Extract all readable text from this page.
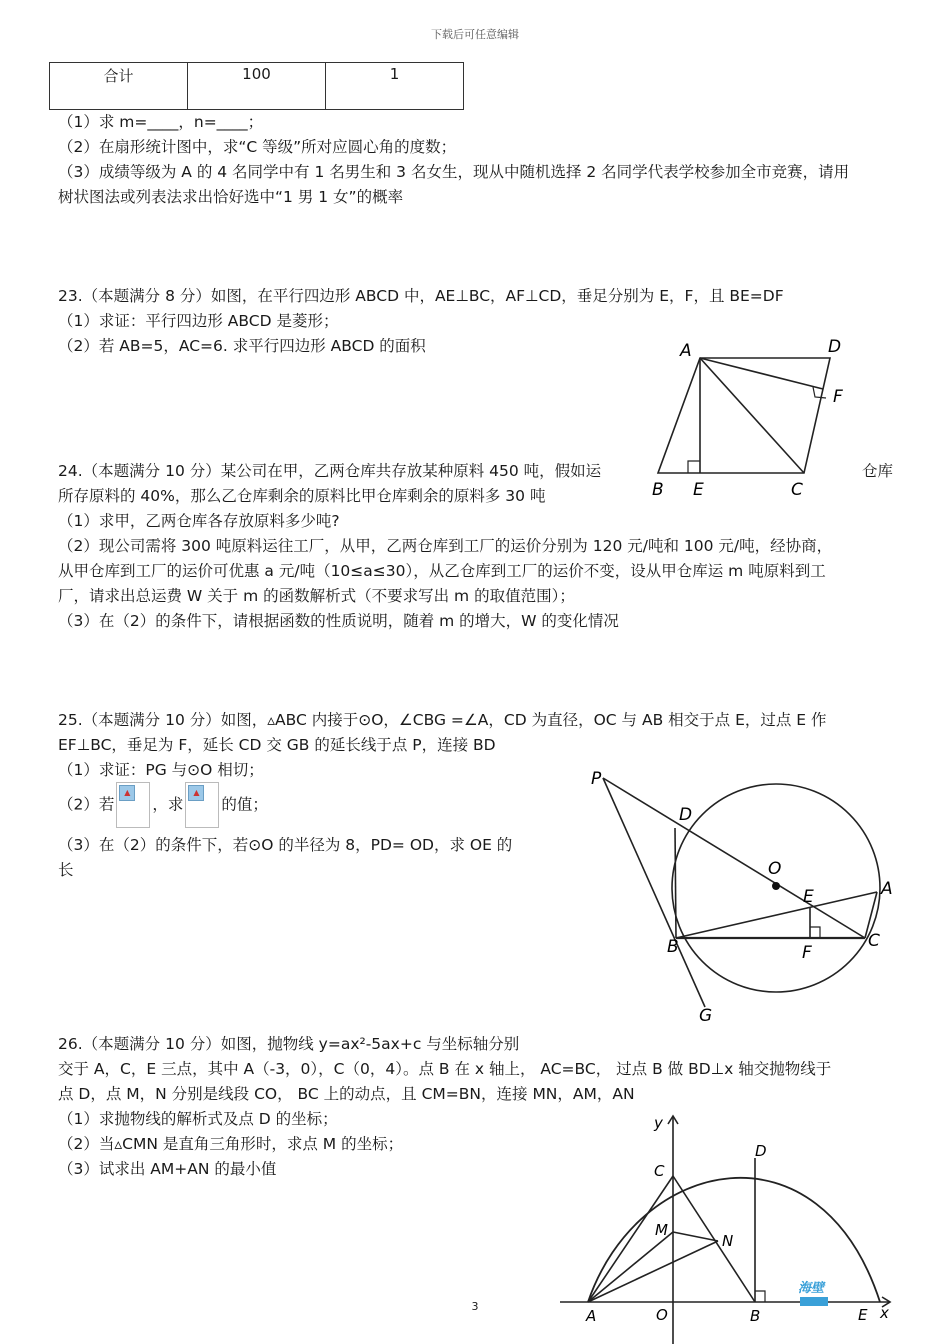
下载后可任意编辑
合计	100	1
（1）求 m=____，n=____；
（2）在扇形统计图中，求“C 等级”所对应圆心角的度数；
（3）成绩等级为 A 的 4 名同学中有 1 名男生和 3 名女生，现从中随机选择 2 名同学代表学校参加全市竞赛，请用
树状图法或列表法求出恰好选中“1 男 1 女”的概率
23.（本题满分 8 分）如图，在平行四边形 ABCD 中，AE⊥BC，AF⊥CD，垂足分别为 E，F，且 BE=DF
（1）求证：平行四边形 ABCD 是菱形；
（2）若 AB=5，AC=6. 求平行四边形 ABCD 的面积
24.（本题满分 10 分）某公司在甲，乙两仓库共存放某种原料 450 吨，假如运	仓库
所存原料的 40%，那么乙仓库剩余的原料比甲仓库剩余的原料多 30 吨
（1）求甲，乙两仓库各存放原料多少吨?
（2）现公司需将 300 吨原料运往工厂，从甲，乙两仓库到工厂的运价分别为 120 元/吨和 100 元/吨，经协商，
从甲仓库到工厂的运价可优惠 a 元/吨（10≤a≤30），从乙仓库到工厂的运价不变，设从甲仓库运 m 吨原料到工
厂，请求出总运费 W 关于 m 的函数解析式（不要求写出 m 的取值范围）；
（3）在（2）的条件下，请根据函数的性质说明，随着 m 的增大，W 的变化情况
A	D
F
B E	C
25.（本题满分 10 分）如图，▵ABC 内接于⊙O，∠CBG =∠A，CD 为直径，OC 与 AB 相交于点 E，过点 E 作
EF⊥BC，垂足为 F，延长 CD 交 GB 的延长线于点 P，连接 BD
（1）求证：PG 与⊙O 相切；
（2）若
▲
，求
▲
的值；
（3）在（2）的条件下，若⊙O 的半径为 8，PD= OD，求 OE 的
长
P
D
O
E	A
B	C
F
G
26.（本题满分 10 分）如图，抛物线 y=ax²-5ax+c 与坐标轴分别
交于 A，C，E 三点，其中 A（-3，0），C（0，4）。点 B 在 x 轴上， AC=BC， 过点 B 做 BD⊥x 轴交抛物线于
点 D，点 M，N 分别是线段 CO， BC 上的动点，且 CM=BN，连接 MN，AM，AN
（1）求抛物线的解析式及点 D 的坐标；
（2）当▵CMN 是直角三角形时，求点 M 的坐标；
（3）试求出 AM+AN 的最小值
y
C
D
M
N
A	O	B	E x
海壁
3
